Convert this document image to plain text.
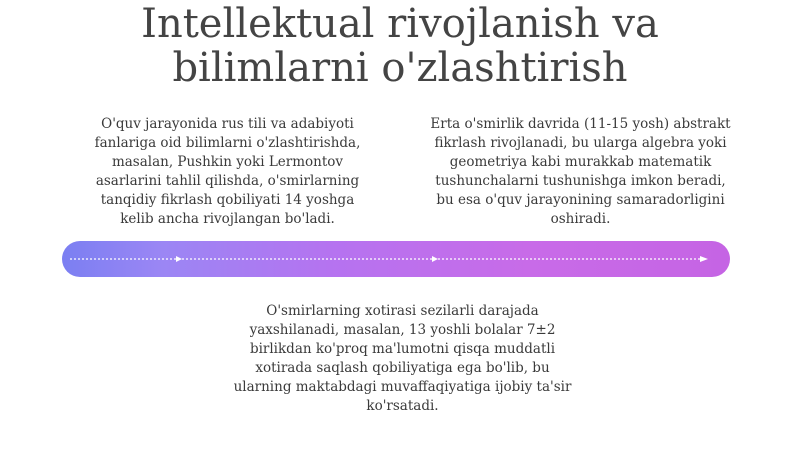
Intellektual rivojlanish va
bilimlarni o'zlashtirish

O'quv jarayonida rus tili va adabiyoti
fanlariga oid bilimlarni o'zlashtirishda,
masalan, Pushkin yoki Lermontov
asarlarini tahlil qilishda, o'smirlarning
tanqidiy fikrlash qobiliyati 14 yoshga
kelib ancha rivojlangan bo'ladi.

Erta o'smirlik davrida (11-15 yosh) abstrakt
fikrlash rivojlanadi, bu ularga algebra yoki
geometriya kabi murakkab matematik
tushunchalarni tushunishga imkon beradi,
bu esa o'quv jarayonining samaradorligini
oshiradi.

O'smirlarning xotirasi sezilarli darajada
yaxshilanadi, masalan, 13 yoshli bolalar 7±2
birlikdan ko'proq ma'lumotni qisqa muddatli
xotirada saqlash qobiliyatiga ega bo'lib, bu
ularning maktabdagi muvaffaqiyatiga ijobiy ta'sir
ko'rsatadi.
